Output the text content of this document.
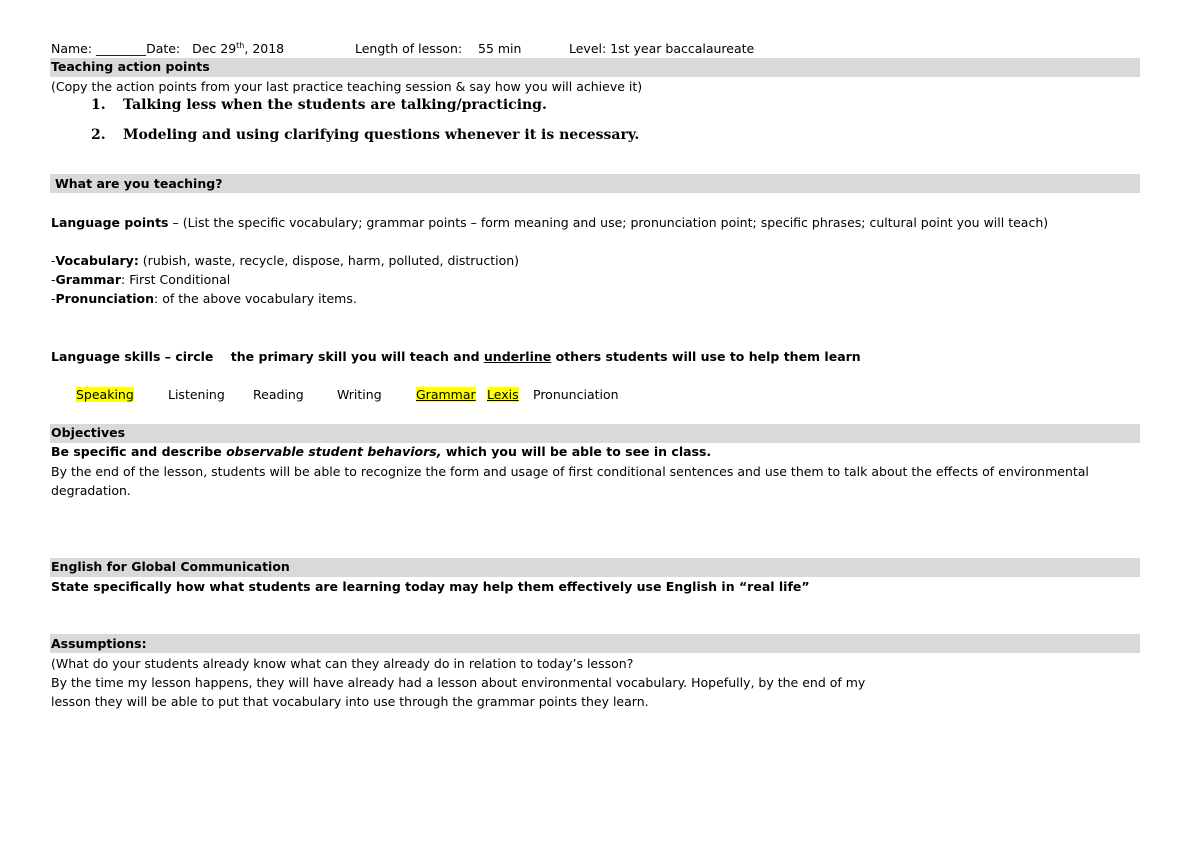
Name: ________Date: Dec 29th, 2018	Length of lesson: 55 min	Level: 1st year baccalaureate
Teaching action points
(Copy the action points from your last practice teaching session & say how you will achieve it)
1. Talking less when the students are talking/practicing.
2. Modeling and using clarifying questions whenever it is necessary.
What are you teaching?
Language points – (List the specific vocabulary; grammar points – form meaning and use; pronunciation point; specific phrases; cultural point you will teach)
-Vocabulary: (rubish, waste, recycle, dispose, harm, polluted, distruction)
-Grammar: First Conditional
-Pronunciation: of the above vocabulary items.
Language skills – circle    the primary skill you will teach and underline others students will use to help them learn
Speaking	Listening Reading	Writing	Grammar Lexis Pronunciation
Objectives
Be specific and describe observable student behaviors, which you will be able to see in class.
By the end of the lesson, students will be able to recognize the form and usage of first conditional sentences and use them to talk about the effects of environmental
degradation.
English for Global Communication
State specifically how what students are learning today may help them effectively use English in “real life”
Assumptions:
(What do your students already know what can they already do in relation to today’s lesson?
By the time my lesson happens, they will have already had a lesson about environmental vocabulary. Hopefully, by the end of my
lesson they will be able to put that vocabulary into use through the grammar points they learn.
